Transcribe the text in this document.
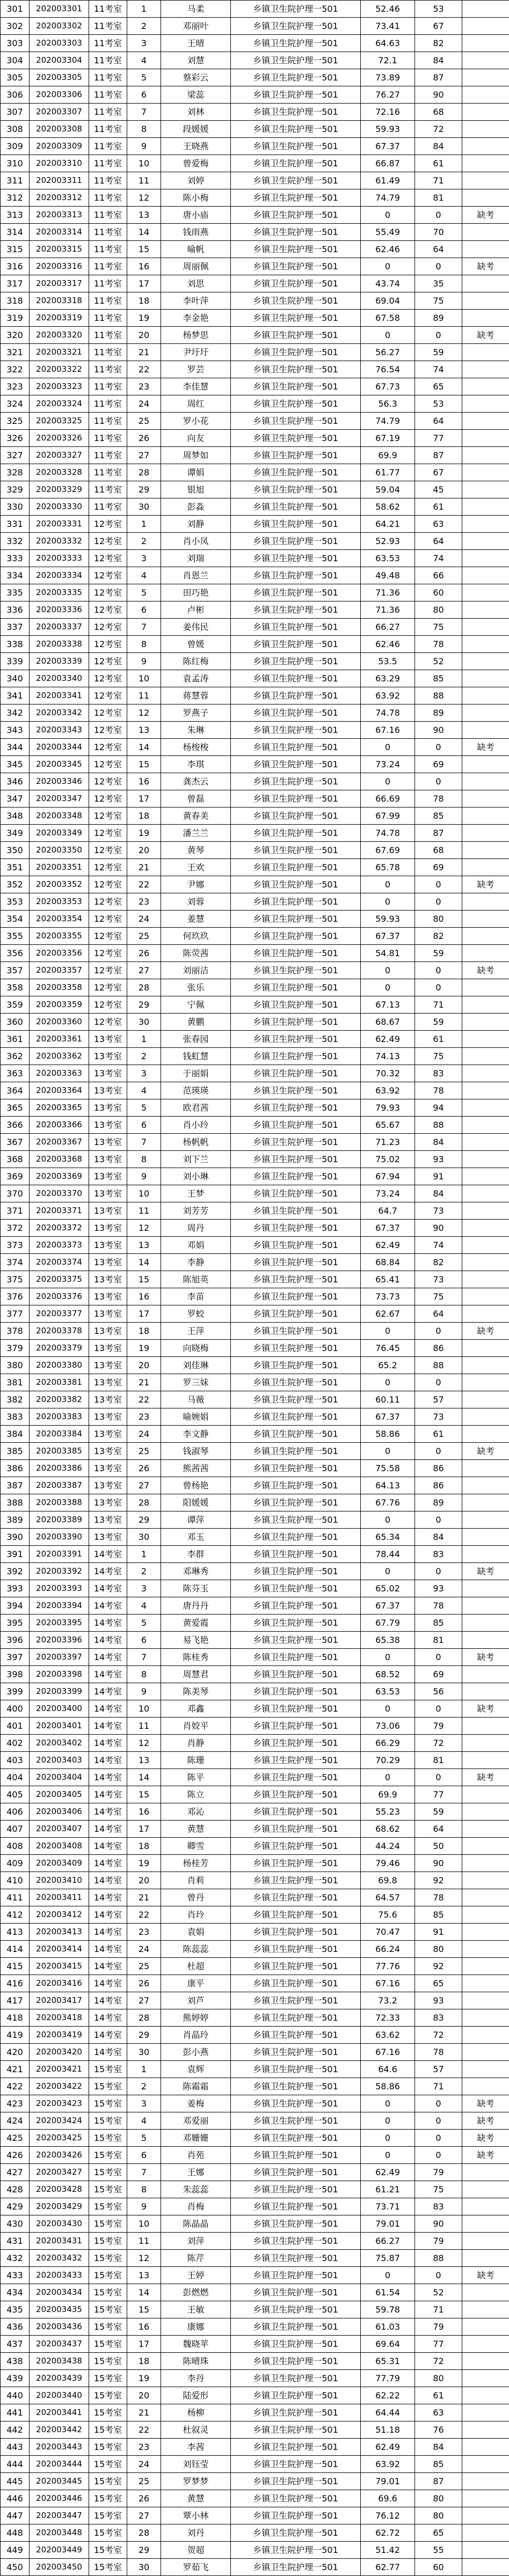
301	202003301	11考室	1	马柔	乡镇卫生院护理一501	52.46	53	
302	202003302	11考室	2	邓丽叶	乡镇卫生院护理一501	73.41	67	
303	202003303	11考室	3	王晴	乡镇卫生院护理一501	64.63	82	
304	202003304	11考室	4	刘慧	乡镇卫生院护理一501	72.1	84	
305	202003305	11考室	5	蔡彩云	乡镇卫生院护理一501	73.89	87	
306	202003306	11考室	6	梁蕊	乡镇卫生院护理一501	76.27	90	
307	202003307	11考室	7	刘林	乡镇卫生院护理一501	72.16	68	
308	202003308	11考室	8	段媛媛	乡镇卫生院护理一501	59.93	72	
309	202003309	11考室	9	王晓燕	乡镇卫生院护理一501	67.37	84	
310	202003310	11考室	10	曾爱梅	乡镇卫生院护理一501	66.87	61	
311	202003311	11考室	11	刘婷	乡镇卫生院护理一501	61.49	71	
312	202003312	11考室	12	陈小梅	乡镇卫生院护理一501	74.79	81	
313	202003313	11考室	13	唐小庙	乡镇卫生院护理一501	0	0	缺考
314	202003314	11考室	14	钱雨燕	乡镇卫生院护理一501	55.49	70	
315	202003315	11考室	15	喻帆	乡镇卫生院护理一501	62.46	64	
316	202003316	11考室	16	周丽佩	乡镇卫生院护理一501	0	0	缺考
317	202003317	11考室	17	刘思	乡镇卫生院护理一501	43.74	35	
318	202003318	11考室	18	李叶萍	乡镇卫生院护理一501	69.04	75	
319	202003319	11考室	19	李金艳	乡镇卫生院护理一501	67.58	89	
320	202003320	11考室	20	杨梦思	乡镇卫生院护理一501	0	0	缺考
321	202003321	11考室	21	尹圩圩	乡镇卫生院护理一501	56.27	59	
322	202003322	11考室	22	罗芸	乡镇卫生院护理一501	76.54	74	
323	202003323	11考室	23	李佳慧	乡镇卫生院护理一501	67.73	65	
324	202003324	11考室	24	周红	乡镇卫生院护理一501	56.3	53	
325	202003325	11考室	25	罗小花	乡镇卫生院护理一501	74.79	64	
326	202003326	11考室	26	向友	乡镇卫生院护理一501	67.19	77	
327	202003327	11考室	27	周梦如	乡镇卫生院护理一501	69.9	87	
328	202003328	11考室	28	谭娟	乡镇卫生院护理一501	61.77	67	
329	202003329	11考室	29	银旭	乡镇卫生院护理一501	59.04	45	
330	202003330	11考室	30	彭淼	乡镇卫生院护理一501	58.62	61	
331	202003331	12考室	1	刘静	乡镇卫生院护理一501	64.21	63	
332	202003332	12考室	2	肖小凤	乡镇卫生院护理一501	52.93	64	
333	202003333	12考室	3	刘瑞	乡镇卫生院护理一501	63.53	74	
334	202003334	12考室	4	肖恩兰	乡镇卫生院护理一501	49.48	66	
335	202003335	12考室	5	田巧艳	乡镇卫生院护理一501	71.36	60	
336	202003336	12考室	6	卢彬	乡镇卫生院护理一501	71.36	80	
337	202003337	12考室	7	姜伟民	乡镇卫生院护理一501	66.27	75	
338	202003338	12考室	8	曾媛	乡镇卫生院护理一501	62.46	78	
339	202003339	12考室	9	陈红梅	乡镇卫生院护理一501	53.5	52	
340	202003340	12考室	10	袁孟涛	乡镇卫生院护理一501	63.29	85	
341	202003341	12考室	11	蒋慧蓉	乡镇卫生院护理一501	63.92	88	
342	202003342	12考室	12	罗燕子	乡镇卫生院护理一501	74.78	89	
343	202003343	12考室	13	朱琳	乡镇卫生院护理一501	67.16	90	
344	202003344	12考室	14	杨梭梭	乡镇卫生院护理一501	0	0	缺考
345	202003345	12考室	15	李琪	乡镇卫生院护理一501	73.24	69	
346	202003346	12考室	16	龚杰云	乡镇卫生院护理一501	0	0	
347	202003347	12考室	17	曾磊	乡镇卫生院护理一501	66.69	78	
348	202003348	12考室	18	黄春美	乡镇卫生院护理一501	67.99	85	
349	202003349	12考室	19	潘兰兰	乡镇卫生院护理一501	74.78	87	
350	202003350	12考室	20	黄琴	乡镇卫生院护理一501	67.69	68	
351	202003351	12考室	21	王欢	乡镇卫生院护理一501	65.78	69	
352	202003352	12考室	22	尹娜	乡镇卫生院护理一501	0	0	缺考
353	202003353	12考室	23	刘蓉	乡镇卫生院护理一501	0	0	
354	202003354	12考室	24	姜慧	乡镇卫生院护理一501	59.93	80	
355	202003355	12考室	25	何玖玖	乡镇卫生院护理一501	67.37	82	
356	202003356	12考室	26	陈荧茜	乡镇卫生院护理一501	54.81	59	
357	202003357	12考室	27	刘丽洁	乡镇卫生院护理一501	0	0	缺考
358	202003358	12考室	28	张乐	乡镇卫生院护理一501	0	0	
359	202003359	12考室	29	宁佩	乡镇卫生院护理一501	67.13	71	
360	202003360	12考室	30	黄鹏	乡镇卫生院护理一501	68.67	59	
361	202003361	13考室	1	张春园	乡镇卫生院护理一501	62.49	61	
362	202003362	13考室	2	钱虹慧	乡镇卫生院护理一501	74.13	75	
363	202003363	13考室	3	于丽娟	乡镇卫生院护理一501	70.32	83	
364	202003364	13考室	4	范瑛瑛	乡镇卫生院护理一501	63.92	78	
365	202003365	13考室	5	欧君茜	乡镇卫生院护理一501	79.93	94	
366	202003366	13考室	6	肖小玲	乡镇卫生院护理一501	65.67	88	
367	202003367	13考室	7	杨帆帆	乡镇卫生院护理一501	71.23	84	
368	202003368	13考室	8	刘下兰	乡镇卫生院护理一501	75.02	93	
369	202003369	13考室	9	刘小琳	乡镇卫生院护理一501	67.94	91	
370	202003370	13考室	10	王梦	乡镇卫生院护理一501	73.24	84	
371	202003371	13考室	11	刘芳芳	乡镇卫生院护理一501	64.7	73	
372	202003372	13考室	12	周丹	乡镇卫生院护理一501	67.37	90	
373	202003373	13考室	13	邓娟	乡镇卫生院护理一501	62.49	74	
374	202003374	13考室	14	李静	乡镇卫生院护理一501	68.84	82	
375	202003375	13考室	15	陈旭英	乡镇卫生院护理一501	65.41	73	
376	202003376	13考室	16	李苗	乡镇卫生院护理一501	73.73	75	
377	202003377	13考室	17	罗蛟	乡镇卫生院护理一501	62.67	64	
378	202003378	13考室	18	王萍	乡镇卫生院护理一501	0	0	缺考
379	202003379	13考室	19	向晓梅	乡镇卫生院护理一501	76.45	86	
380	202003380	13考室	20	刘佳琳	乡镇卫生院护理一501	65.2	88	
381	202003381	13考室	21	罗三妹	乡镇卫生院护理一501	0	0	
382	202003382	13考室	22	马薇	乡镇卫生院护理一501	60.11	57	
383	202003383	13考室	23	喻婉娟	乡镇卫生院护理一501	67.37	73	
384	202003384	13考室	24	李文静	乡镇卫生院护理一501	58.86	61	
385	202003385	13考室	25	钱淑琴	乡镇卫生院护理一501	0	0	缺考
386	202003386	13考室	26	熊茜茜	乡镇卫生院护理一501	75.58	86	
387	202003387	13考室	27	曾杨艳	乡镇卫生院护理一501	64.13	86	
388	202003388	13考室	28	阳媛媛	乡镇卫生院护理一501	67.76	89	
389	202003389	13考室	29	谭萍	乡镇卫生院护理一501	0	0	
390	202003390	13考室	30	邓玉	乡镇卫生院护理一501	65.34	84	
391	202003391	14考室	1	李群	乡镇卫生院护理一501	78.44	83	
392	202003392	14考室	2	邓琳秀	乡镇卫生院护理一501	0	0	缺考
393	202003393	14考室	3	陈芬玉	乡镇卫生院护理一501	65.02	93	
394	202003394	14考室	4	唐丹丹	乡镇卫生院护理一501	67.37	78	
395	202003395	14考室	5	黄爱霞	乡镇卫生院护理一501	67.79	85	
396	202003396	14考室	6	易飞艳	乡镇卫生院护理一501	65.38	81	
397	202003397	14考室	7	陈桂秀	乡镇卫生院护理一501	0	0	缺考
398	202003398	14考室	8	周慧君	乡镇卫生院护理一501	68.52	69	
399	202003399	14考室	9	陈美琴	乡镇卫生院护理一501	63.53	56	
400	202003400	14考室	10	邓鑫	乡镇卫生院护理一501	0	0	缺考
401	202003401	14考室	11	肖姣平	乡镇卫生院护理一501	73.06	79	
402	202003402	14考室	12	肖静	乡镇卫生院护理一501	66.29	72	
403	202003403	14考室	13	陈珊	乡镇卫生院护理一501	70.29	81	
404	202003404	14考室	14	陈平	乡镇卫生院护理一501	0	0	缺考
405	202003405	14考室	15	陈立	乡镇卫生院护理一501	69.9	77	
406	202003406	14考室	16	邓沁	乡镇卫生院护理一501	55.23	59	
407	202003407	14考室	17	黄慧	乡镇卫生院护理一501	68.62	64	
408	202003408	14考室	18	卿雪	乡镇卫生院护理一501	44.24	50	
409	202003409	14考室	19	杨桂芳	乡镇卫生院护理一501	79.46	90	
410	202003410	14考室	20	肖莉	乡镇卫生院护理一501	69.8	92	
411	202003411	14考室	21	曾丹	乡镇卫生院护理一501	64.57	78	
412	202003412	14考室	22	肖玲	乡镇卫生院护理一501	75.6	85	
413	202003413	14考室	23	袁娟	乡镇卫生院护理一501	70.47	91	
414	202003414	14考室	24	陈蕊蕊	乡镇卫生院护理一501	66.24	80	
415	202003415	14考室	25	杜超	乡镇卫生院护理一501	77.76	92	
416	202003416	14考室	26	康平	乡镇卫生院护理一501	67.16	65	
417	202003417	14考室	27	刘芦	乡镇卫生院护理一501	73.2	93	
418	202003418	14考室	28	熊婷婷	乡镇卫生院护理一501	72.33	83	
419	202003419	14考室	29	肖晶玲	乡镇卫生院护理一501	63.62	72	
420	202003420	14考室	30	彭小燕	乡镇卫生院护理一501	67.16	78	
421	202003421	15考室	1	袁辉	乡镇卫生院护理一501	64.6	57	
422	202003422	15考室	2	陈霜霜	乡镇卫生院护理一501	58.86	71	
423	202003423	15考室	3	姜梅	乡镇卫生院护理一501	0	0	缺考
424	202003424	15考室	4	邓爱丽	乡镇卫生院护理一501	0	0	缺考
425	202003425	15考室	5	邓姗姗	乡镇卫生院护理一501	0	0	缺考
426	202003426	15考室	6	肖苑	乡镇卫生院护理一501	0	0	缺考
427	202003427	15考室	7	王娜	乡镇卫生院护理一501	62.49	79	
428	202003428	15考室	8	朱蕊蕊	乡镇卫生院护理一501	61.21	75	
429	202003429	15考室	9	肖梅	乡镇卫生院护理一501	73.71	83	
430	202003430	15考室	10	陈晶晶	乡镇卫生院护理一501	79.01	90	
431	202003431	15考室	11	刘萍	乡镇卫生院护理一501	66.27	79	
432	202003432	15考室	12	陈芹	乡镇卫生院护理一501	75.87	88	
433	202003433	15考室	13	王婷	乡镇卫生院护理一501	0	0	缺考
434	202003434	15考室	14	彭燃燃	乡镇卫生院护理一501	61.54	52	
435	202003435	15考室	15	王敏	乡镇卫生院护理一501	59.78	71	
436	202003436	15考室	16	康娜	乡镇卫生院护理一501	61.03	79	
437	202003437	15考室	17	魏晓苹	乡镇卫生院护理一501	69.64	77	
438	202003438	15考室	18	陈晴珠	乡镇卫生院护理一501	65.31	72	
439	202003439	15考室	19	李丹	乡镇卫生院护理一501	77.79	80	
440	202003440	15考室	20	陆爱形	乡镇卫生院护理一501	62.22	61	
441	202003441	15考室	21	杨柳	乡镇卫生院护理一501	64.44	63	
442	202003442	15考室	22	杜叙灵	乡镇卫生院护理一501	51.18	76	
443	202003443	15考室	23	李茜	乡镇卫生院护理一501	62.49	84	
444	202003444	15考室	24	刘钰莹	乡镇卫生院护理一501	63.92	85	
445	202003445	15考室	25	罗梦梦	乡镇卫生院护理一501	79.01	87	
446	202003446	15考室	26	黄慧	乡镇卫生院护理一501	69.6	80	
447	202003447	15考室	27	覃小林	乡镇卫生院护理一501	76.12	80	
448	202003448	15考室	28	刘丹	乡镇卫生院护理一501	62.72	65	
449	202003449	15考室	29	贺超	乡镇卫生院护理一501	51.42	55	
450	202003450	15考室	30	罗茹飞	乡镇卫生院护理一501	62.77	60	
